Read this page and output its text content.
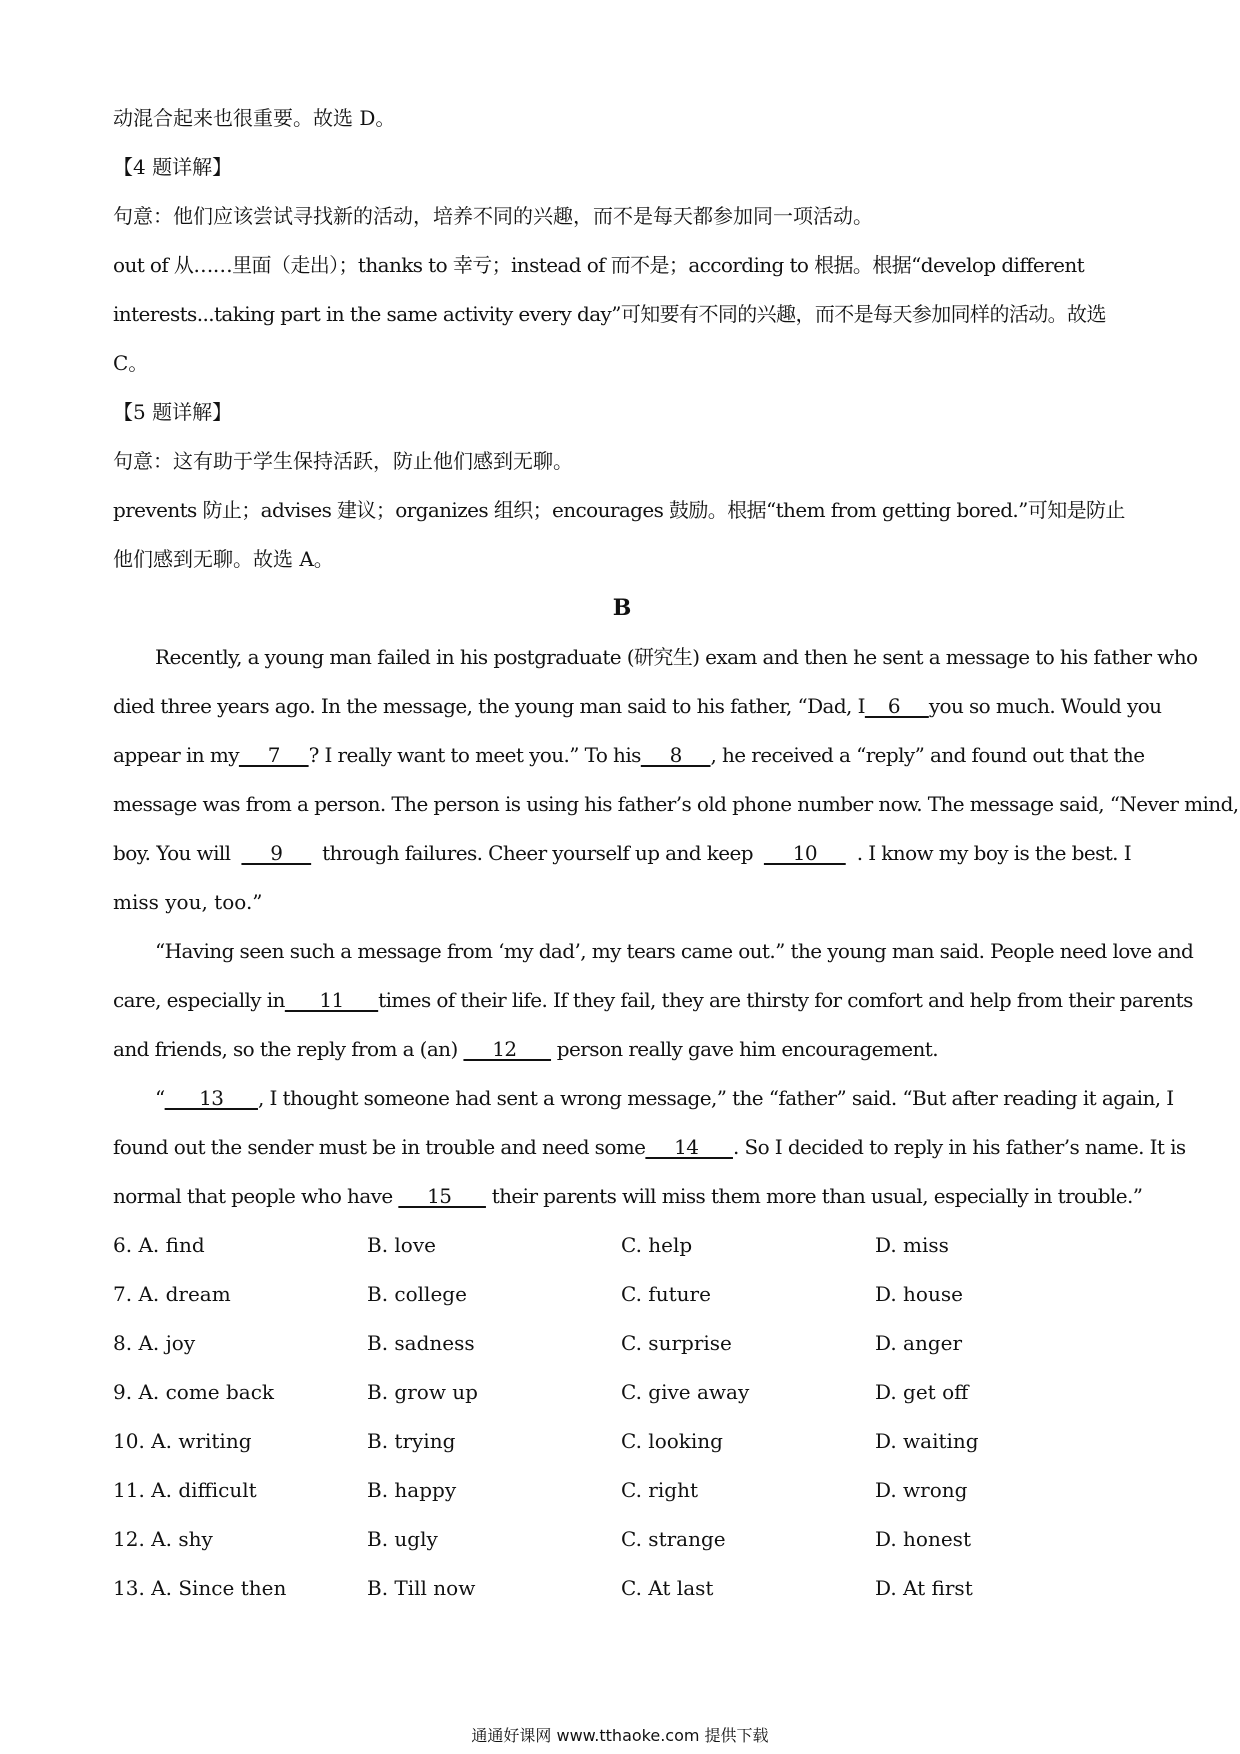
动混合起来也很重要。故选 D。
【4 题详解】
句意：他们应该尝试寻找新的活动，培养不同的兴趣，而不是每天都参加同一项活动。
out of 从……里面（走出）；thanks to 幸亏；instead of 而不是；according to 根据。根据“develop different
interests...taking part in the same activity every day”可知要有不同的兴趣，而不是每天参加同样的活动。故选
C。
【5 题详解】
句意：这有助于学生保持活跃，防止他们感到无聊。
prevents 防止；advises 建议；organizes 组织；encourages 鼓励。根据“them from getting bored.”可知是防止
他们感到无聊。故选 A。
B
Recently, a young man failed in his postgraduate (研究生) exam and then he sent a message to his father who
died three years ago. In the message, the young man said to his father, “Dad, I 6 you so much. Would you
appear in my 7 ? I really want to meet you.” To his 8 , he received a “reply” and found out that the
message was from a person. The person is using his father’s old phone number now. The message said, “Never mind,
boy. You will 9 through failures. Cheer yourself up and keep 10 . I know my boy is the best. I
miss you, too.”
“Having seen such a message from ‘my dad’, my tears came out.” the young man said. People need love and
care, especially in 11 times of their life. If they fail, they are thirsty for comfort and help from their parents
and friends, so the reply from a (an)      12       person really gave him encouragement.
“ 13 , I thought someone had sent a wrong message,” the “father” said. “But after reading it again, I
found out the sender must be in trouble and need some 14 . So I decided to reply in his father’s name. It is
normal that people who have      15       their parents will miss them more than usual, especially in trouble.”
6. A. find	B. love	C. help	D. miss
7. A. dream	B. college	C. future	D. house
8. A. joy	B. sadness	C. surprise	D. anger
9. A. come back	B. grow up	C. give away	D. get off
10. A. writing	B. trying	C. looking	D. waiting
11. A. difficult	B. happy	C. right	D. wrong
12. A. shy	B. ugly	C. strange	D. honest
13. A. Since then	B. Till now	C. At last	D. At first
通通好课网 www.tthaoke.com 提供下载
